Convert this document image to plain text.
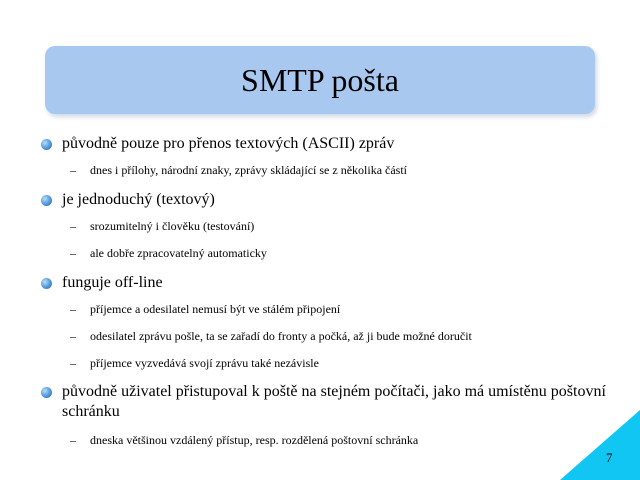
SMTP pošta
původně pouze pro přenos textových (ASCII) zpráv
– dnes i přílohy, národní znaky, zprávy skládající se z několika částí
je jednoduchý (textový)
– srozumitelný i člověku (testování)
– ale dobře zpracovatelný automaticky
funguje off-line
– příjemce a odesilatel nemusí být ve stálém připojení
– odesilatel zprávu pošle, ta se zařadí do fronty a počká, až ji bude možné doručit
– příjemce vyzvedává svojí zprávu také nezávisle
původně uživatel přistupoval k poště na stejném počítači, jako má umístěnu poštovní schránku
– dneska většinou vzdálený přístup, resp. rozdělená poštovní schránka
7
